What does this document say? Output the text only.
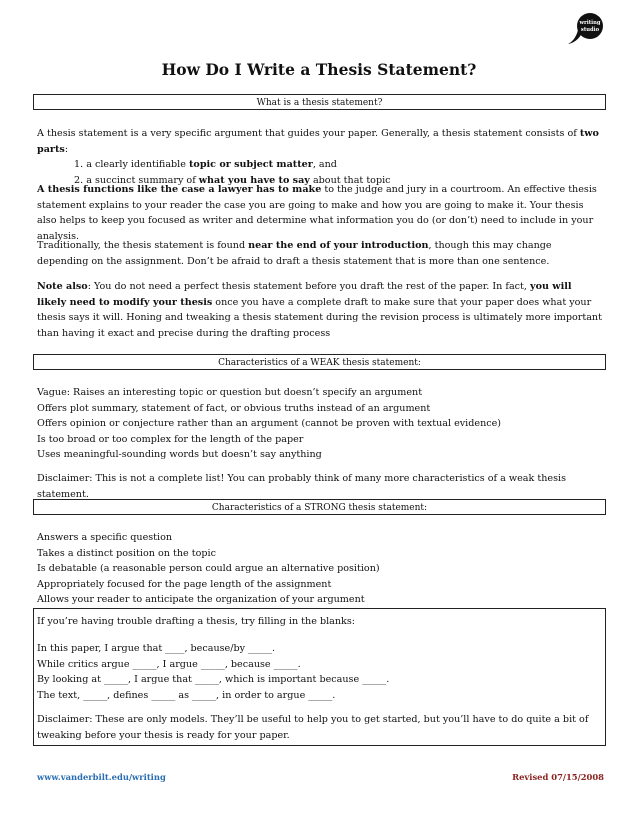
writing
studio
How Do I Write a Thesis Statement?
What is a thesis statement?

A thesis statement is a very specific argument that guides your paper. Generally, a thesis statement consists of two parts:

1. a clearly identifiable topic or subject matter, and

2. a succinct summary of what you have to say about that topic

A thesis functions like the case a lawyer has to make to the judge and jury in a courtroom. An effective thesis statement explains to your reader the case you are going to make and how you are going to make it. Your thesis also helps to keep you focused as writer and determine what information you do (or don’t) need to include in your analysis.

Traditionally, the thesis statement is found near the end of your introduction, though this may change depending on the assignment. Don’t be afraid to draft a thesis statement that is more than one sentence.

Note also: You do not need a perfect thesis statement before you draft the rest of the paper. In fact, you will likely need to modify your thesis once you have a complete draft to make sure that your paper does what your thesis says it will. Honing and tweaking a thesis statement during the revision process is ultimately more important than having it exact and precise during the drafting process

Characteristics of a WEAK thesis statement:

Vague: Raises an interesting topic or question but doesn’t specify an argument

Offers plot summary, statement of fact, or obvious truths instead of an argument

Offers opinion or conjecture rather than an argument (cannot be proven with textual evidence)

Is too broad or too complex for the length of the paper

Uses meaningful-sounding words but doesn’t say anything

Disclaimer: This is not a complete list! You can probably think of many more characteristics of a weak thesis statement.
Characteristics of a STRONG thesis statement:

Answers a specific question

Takes a distinct position on the topic

Is debatable (a reasonable person could argue an alternative position)

Appropriately focused for the page length of the assignment

Allows your reader to anticipate the organization of your argument

If you’re having trouble drafting a thesis, try filling in the blanks:

In this paper, I argue that ____, because/by _____.

While critics argue _____, I argue _____, because _____.

By looking at _____, I argue that _____, which is important because _____.

The text, _____, defines _____ as _____, in order to argue _____.

Disclaimer: These are only models. They’ll be useful to help you to get started, but you’ll have to do quite a bit of tweaking before your thesis is ready for your paper.
www.vanderbilt.edu/writing	Revised 07/15/2008
